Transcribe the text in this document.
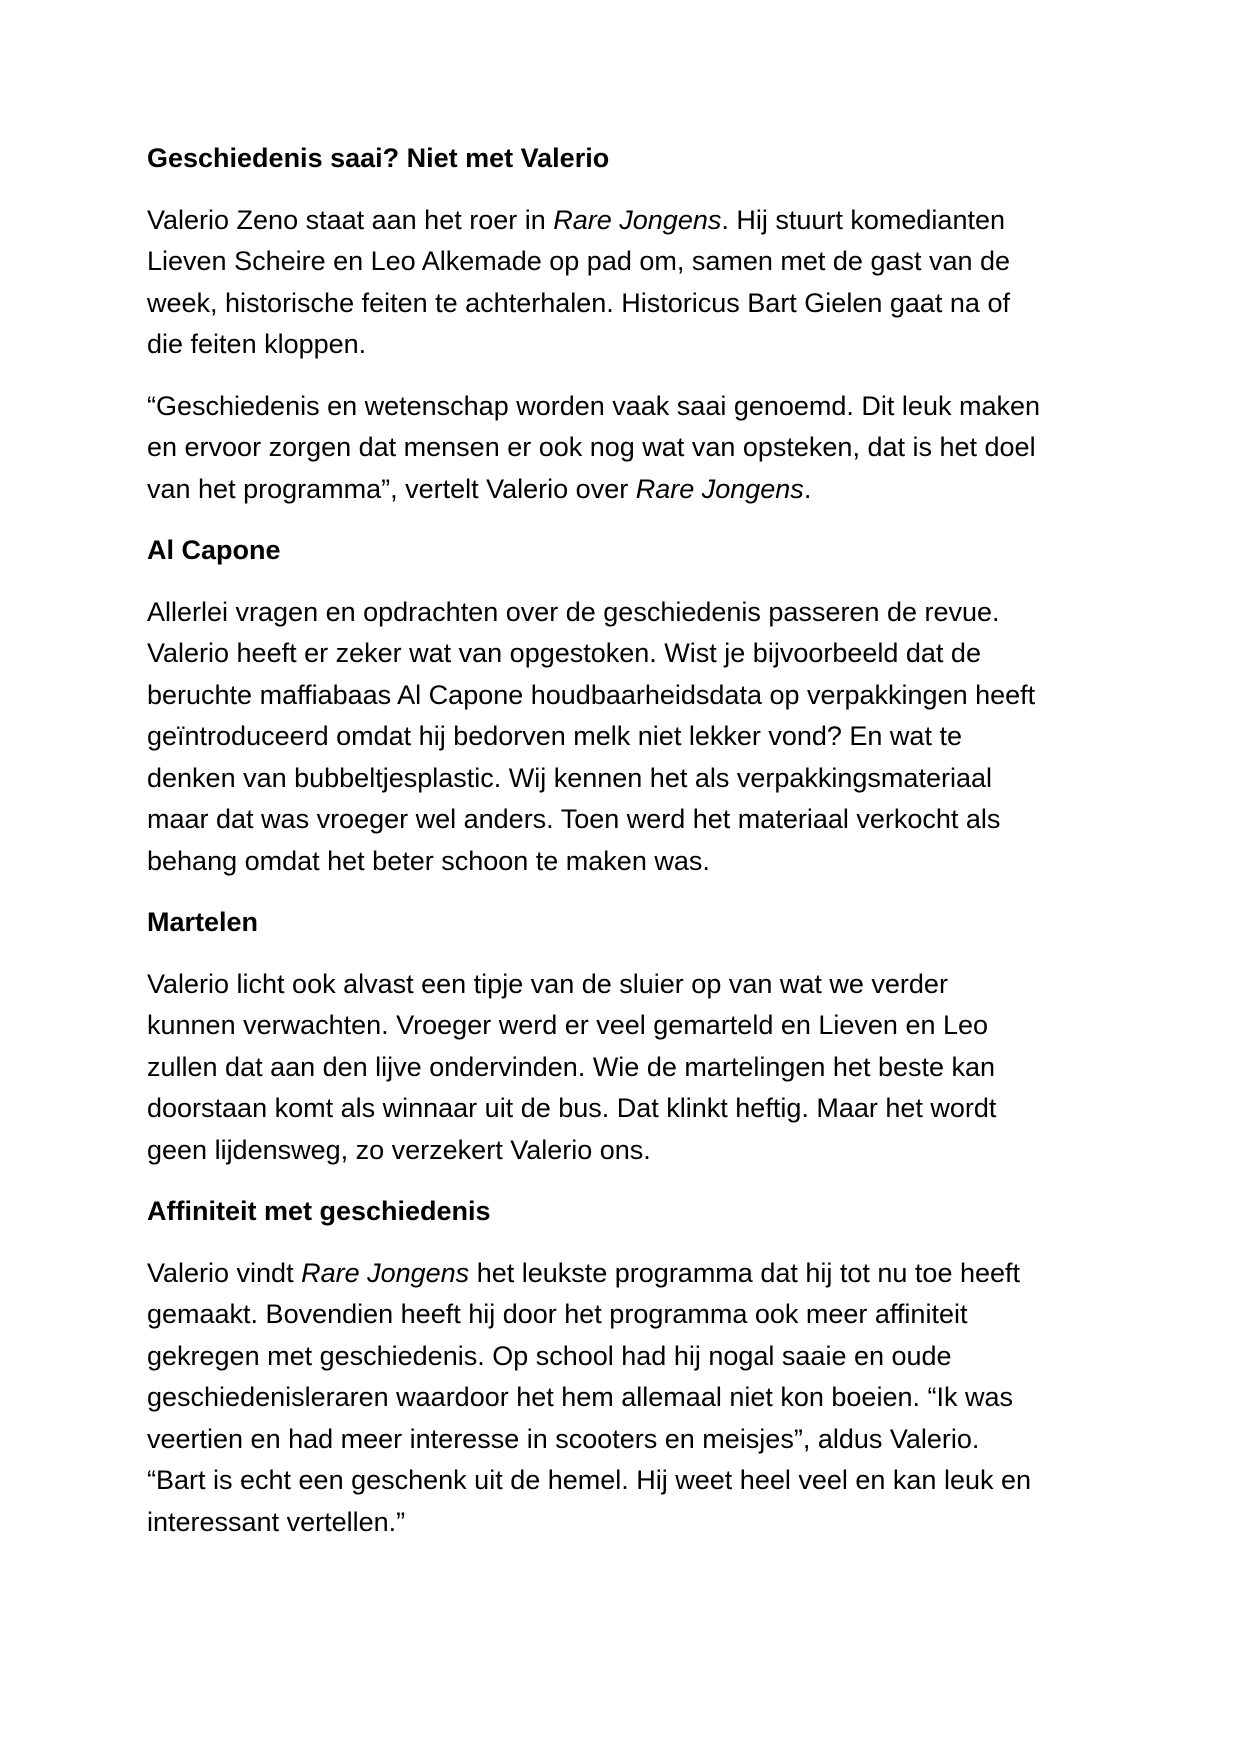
Geschiedenis saai? Niet met Valerio
Valerio Zeno staat aan het roer in Rare Jongens. Hij stuurt komedianten
Lieven Scheire en Leo Alkemade op pad om, samen met de gast van de
week, historische feiten te achterhalen. Historicus Bart Gielen gaat na of
die feiten kloppen.
“Geschiedenis en wetenschap worden vaak saai genoemd. Dit leuk maken
en ervoor zorgen dat mensen er ook nog wat van opsteken, dat is het doel
van het programma”, vertelt Valerio over Rare Jongens.
Al Capone
Allerlei vragen en opdrachten over de geschiedenis passeren de revue.
Valerio heeft er zeker wat van opgestoken. Wist je bijvoorbeeld dat de
beruchte maffiabaas Al Capone houdbaarheidsdata op verpakkingen heeft
geïntroduceerd omdat hij bedorven melk niet lekker vond? En wat te
denken van bubbeltjesplastic. Wij kennen het als verpakkingsmateriaal
maar dat was vroeger wel anders. Toen werd het materiaal verkocht als
behang omdat het beter schoon te maken was.
Martelen
Valerio licht ook alvast een tipje van de sluier op van wat we verder
kunnen verwachten. Vroeger werd er veel gemarteld en Lieven en Leo
zullen dat aan den lijve ondervinden. Wie de martelingen het beste kan
doorstaan komt als winnaar uit de bus. Dat klinkt heftig. Maar het wordt
geen lijdensweg, zo verzekert Valerio ons.
Affiniteit met geschiedenis
Valerio vindt Rare Jongens het leukste programma dat hij tot nu toe heeft
gemaakt. Bovendien heeft hij door het programma ook meer affiniteit
gekregen met geschiedenis. Op school had hij nogal saaie en oude
geschiedenisleraren waardoor het hem allemaal niet kon boeien. “Ik was
veertien en had meer interesse in scooters en meisjes”, aldus Valerio.
“Bart is echt een geschenk uit de hemel. Hij weet heel veel en kan leuk en
interessant vertellen.”
